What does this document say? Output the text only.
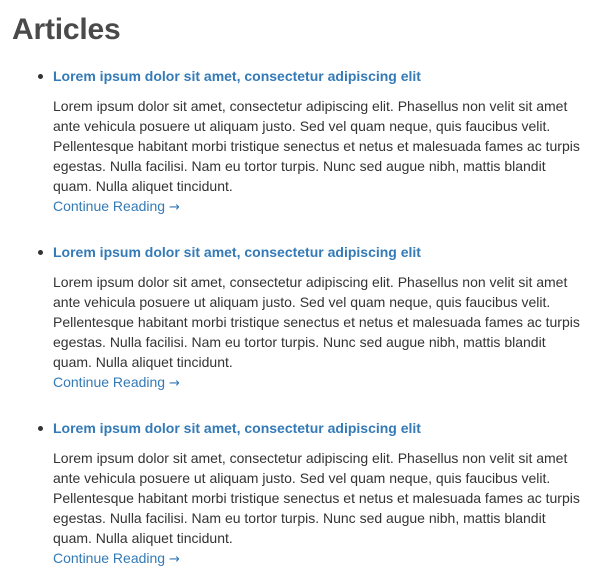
Articles
Lorem ipsum dolor sit amet, consectetur adipiscing elit

Lorem ipsum dolor sit amet, consectetur adipiscing elit. Phasellus non velit sit amet ante vehicula posuere ut aliquam justo. Sed vel quam neque, quis faucibus velit. Pellentesque habitant morbi tristique senectus et netus et malesuada fames ac turpis egestas. Nulla facilisi. Nam eu tortor turpis. Nunc sed augue nibh, mattis blandit quam. Nulla aliquet tincidunt.

Continue Reading →
Lorem ipsum dolor sit amet, consectetur adipiscing elit

Lorem ipsum dolor sit amet, consectetur adipiscing elit. Phasellus non velit sit amet ante vehicula posuere ut aliquam justo. Sed vel quam neque, quis faucibus velit. Pellentesque habitant morbi tristique senectus et netus et malesuada fames ac turpis egestas. Nulla facilisi. Nam eu tortor turpis. Nunc sed augue nibh, mattis blandit quam. Nulla aliquet tincidunt.

Continue Reading →
Lorem ipsum dolor sit amet, consectetur adipiscing elit

Lorem ipsum dolor sit amet, consectetur adipiscing elit. Phasellus non velit sit amet ante vehicula posuere ut aliquam justo. Sed vel quam neque, quis faucibus velit. Pellentesque habitant morbi tristique senectus et netus et malesuada fames ac turpis egestas. Nulla facilisi. Nam eu tortor turpis. Nunc sed augue nibh, mattis blandit quam. Nulla aliquet tincidunt.

Continue Reading →
